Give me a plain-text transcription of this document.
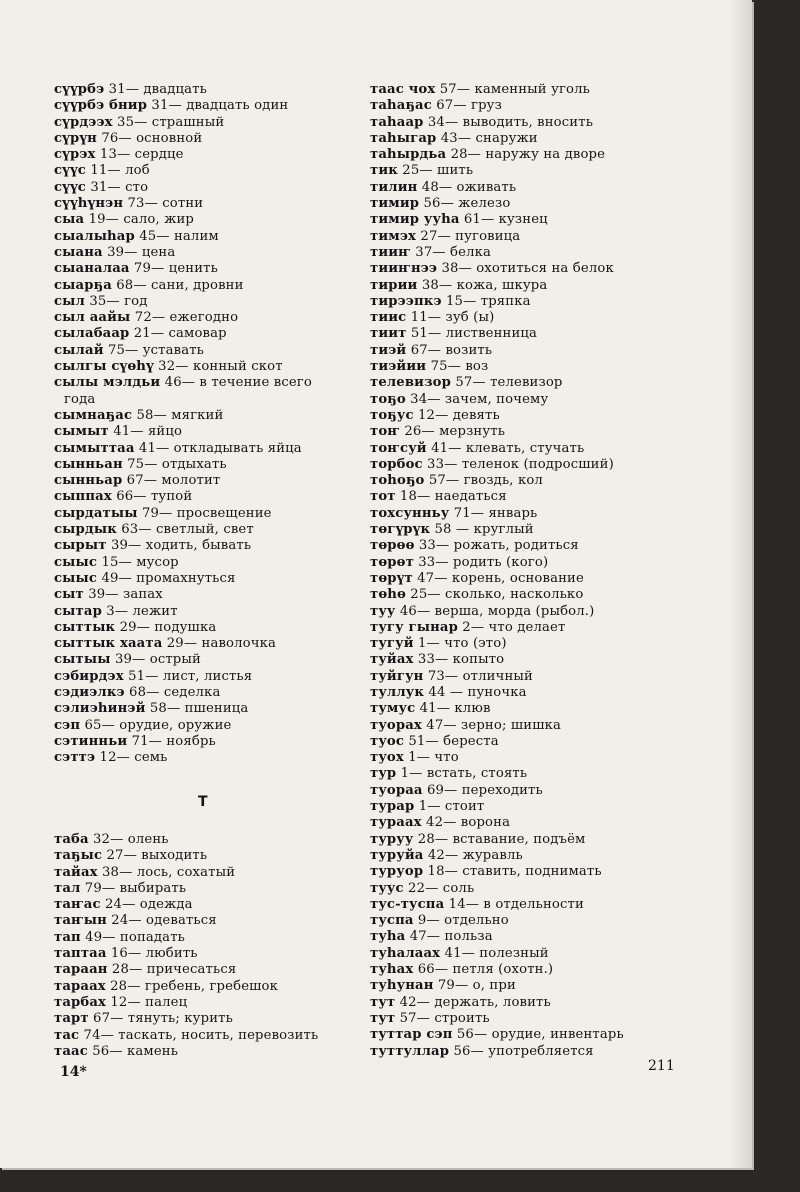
сүүрбэ 31— двадцать
сүүрбэ бнир 31— двадцать один
сүрдээх 35— страшный
сүрүн 76— основной
сүрэх 13— сердце
сүүс 11— лоб
сүүс 31— сто
сүүһүнэн 73— сотни
сыа 19— сало, жир
сыалыһар 45— налим
сыана 39— цена
сыаналаа 79— ценить
сыарҕа 68— сани, дровни
сыл 35— год
сыл аайы 72— ежегодно
сылабаар 21— самовар
сылай 75— уставать
сылгы сүөһү 32— конный скот
сылы мэлдьи 46— в течение всего
года
сымнаҕас 58— мягкий
сымыт 41— яйцо
сымыттаа 41— откладывать яйца
сынньан 75— отдыхать
сынньар 67— молотит
сыппах 66— тупой
сырдатыы 79— просвещение
сырдык 63— светлый, свет
сырыт 39— ходить, бывать
сыыс 15— мусор
сыыс 49— промахнуться
сыт 39— запах
сытар 3— лежит
сыттык 29— подушка
сыттык хаата 29— наволочка
сытыы 39— острый
сэбирдэх 51— лист, листья
сэдиэлкэ 68— седелка
сэлиэһинэй 58— пшеница
сэп 65— орудие, оружие
сэтинньи 71— ноябрь
сэттэ 12— семь
Т
таба 32— олень
таҕыс 27— выходить
тайах 38— лось, сохатый
тал 79— выбирать
таҥас 24— одежда
таҥын 24— одеваться
тап 49— попадать
таптаа 16— любить
тараан 28— причесаться
тараах 28— гребень, гребешок
тарбах 12— палец
тарт 67— тянуть; курить
тас 74— таскать, носить, перевозить
таас 56— камень
таас чох 57— каменный уголь
таһаҕас 67— груз
таһаар 34— выводить, вносить
таһыгар 43— снаружи
таһырдьа 28— наружу на дворе
тик 25— шить
тилин 48— оживать
тимир 56— железо
тимир ууһа 61— кузнец
тимэх 27— пуговица
тииҥ 37— белка
тииҥнээ 38— охотиться на белок
тирии 38— кожа, шкура
тирээпкэ 15— тряпка
тиис 11— зуб (ы)
тиит 51— лиственница
тиэй 67— возить
тиэйии 75— воз
телевизор 57— телевизор
тоҕо 34— зачем, почему
тоҕус 12— девять
тоҥ 26— мерзнуть
тоҥсуй 41— клевать, стучать
торбос 33— теленок (подросший)
тоһоҕо 57— гвоздь, кол
тот 18— наедаться
тохсунньу 71— январь
төгүрүк 58 — круглый
төрөө 33— рожать, родиться
төрөт 33— родить (кого)
төрүт 47— корень, основание
төһө 25— сколько, насколько
туу 46— верша, морда (рыбол.)
тугу гынар 2— что делает
тугуй 1— что (это)
туйах 33— копыто
туйгун 73— отличный
туллук 44 — пуночка
тумус 41— клюв
туорах 47— зерно; шишка
туос 51— береста
туох 1— что
тур 1— встать, стоять
туораа 69— переходить
турар 1— стоит
тураах 42— ворона
туруу 28— вставание, подъём
туруйа 42— журавль
туруор 18— ставить, поднимать
туус 22— соль
тус-туспа 14— в отдельности
туспа 9— отдельно
туһа 47— польза
туһалаах 41— полезный
туһах 66— петля (охотн.)
туһунан 79— о, при
тут 42— держать, ловить
тут 57— строить
туттар сэп 56— орудие, инвентарь
туттуллар 56— употребляется
14*	211
